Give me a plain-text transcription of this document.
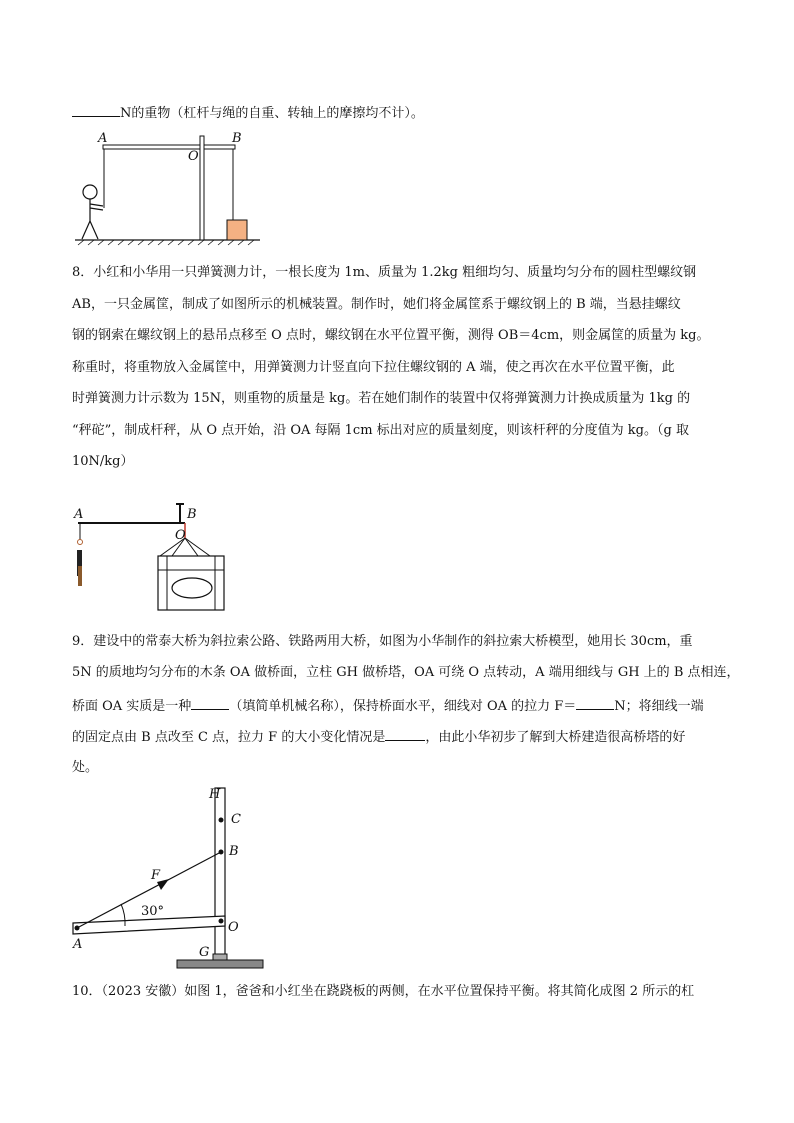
N的重物（杠杆与绳的自重、转轴上的摩擦均不计）。
A
O
B
8．小红和小华用一只弹簧测力计，一根长度为 1m、质量为 1.2kg 粗细均匀、质量均匀分布的圆柱型螺纹钢
AB，一只金属筐，制成了如图所示的机械装置。制作时，她们将金属筐系于螺纹钢上的 B 端，当悬挂螺纹
钢的钢索在螺纹钢上的悬吊点移至 O 点时，螺纹钢在水平位置平衡，测得 OB＝4cm，则金属筐的质量为 kg。
称重时，将重物放入金属筐中，用弹簧测力计竖直向下拉住螺纹钢的 A 端，使之再次在水平位置平衡，此
时弹簧测力计示数为 15N，则重物的质量是 kg。若在她们制作的装置中仅将弹簧测力计换成质量为 1kg 的
“秤砣”，制成杆秤，从 O 点开始，沿 OA 每隔 1cm 标出对应的质量刻度，则该杆秤的分度值为 kg。（g 取
10N/kg）
A	B
O
9．建设中的常泰大桥为斜拉索公路、铁路两用大桥，如图为小华制作的斜拉索大桥模型，她用长 30cm，重
5N 的质地均匀分布的木条 OA 做桥面，立柱 GH 做桥塔，OA 可绕 O 点转动，A 端用细线与 GH 上的 B 点相连，
桥面 OA 实质是一种	（填简单机械名称），保持桥面水平，细线对 OA 的拉力 F＝	N；将细线一端
的固定点由 B 点改至 C 点，拉力 F 的大小变化情况是	，由此小华初步了解到大桥建造很高桥塔的好
处。
H
C
B
F
30°
A
O
G
10．（2023 安徽）如图 1，爸爸和小红坐在跷跷板的两侧，在水平位置保持平衡。将其简化成图 2 所示的杠
